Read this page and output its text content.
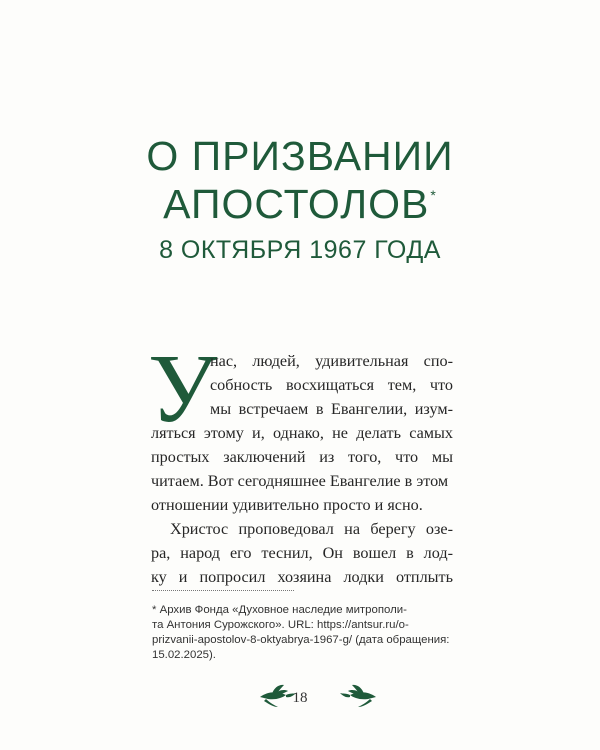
О ПРИЗВАНИИ
АПОСТОЛОВ*
8 ОКТЯБРЯ 1967 ГОДА
У
нас, людей, удивительная спо-
собность восхищаться тем, что
мы встречаем в Евангелии, изум-
ляться этому и, однако, не делать самых
простых заключений из того, что мы читаем. Вот сегодняшнее Евангелие в этом
отношении удивительно просто и ясно.
Христос проповедовал на берегу озе-
ра, народ его теснил, Он вошел в лод-
ку и попросил хозяина лодки отплыть
* Архив Фонда «Духовное наследие митрополи-
та Антония Сурожского». URL: https://antsur.ru/o-
prizvanii-apostolov-8-oktyabrya-1967-g/ (дата обращения:
15.02.2025).
18
